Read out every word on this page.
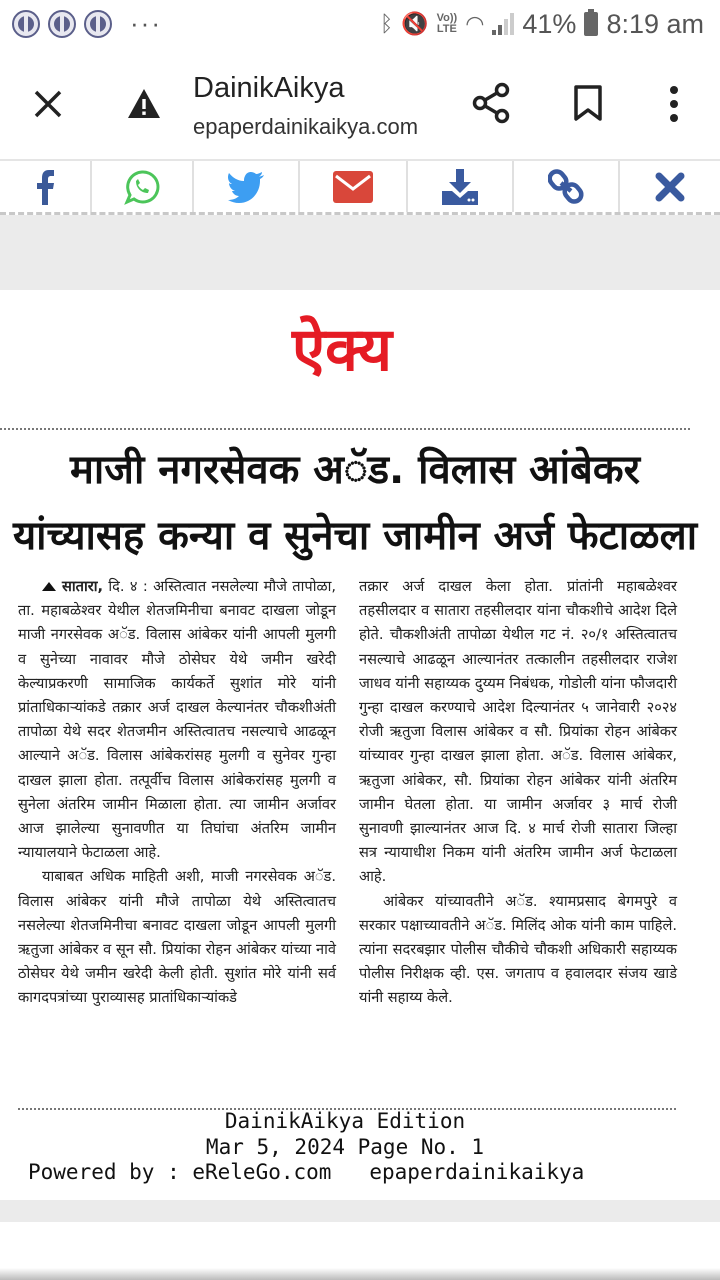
···	ᛒ 🔇 Vo))
LTE ◠ 41% 8:19 am
DainikAikya
epaperdainikaikya.com
ऐक्य
माजी नगरसेवक अॅड. विलास आंबेकर
यांच्यासह कन्या व सुनेचा जामीन अर्ज फेटाळला

सातारा, दि. ४ : अस्तित्वात नसलेल्या मौजे तापोळा, ता. महाबळेश्वर येथील शेतजमिनीचा बनावट दाखला जोडून माजी नगरसेवक अॅड. विलास आंबेकर यांनी आपली मुलगी व सुनेच्या नावावर मौजे ठोसेघर येथे जमीन खरेदी केल्याप्रकरणी सामाजिक कार्यकर्ते सुशांत मोरे यांनी प्रांताधिकाऱ्यांकडे तक्रार अर्ज दाखल केल्यानंतर चौकशीअंती तापोळा येथे सदर शेतजमीन अस्तित्वातच नसल्याचे आढळून आल्याने अॅड. विलास आंबेकरांसह मुलगी व सुनेवर गुन्हा दाखल झाला होता. तत्पूर्वीच विलास आंबेकरांसह मुलगी व सुनेला अंतरिम जामीन मिळाला होता. त्या जामीन अर्जावर आज झालेल्या सुनावणीत या तिघांचा अंतरिम जामीन न्यायालयाने फेटाळला आहे.

याबाबत अधिक माहिती अशी, माजी नगरसेवक अॅड. विलास आंबेकर यांनी मौजे तापोळा येथे अस्तित्वातच नसलेल्या शेतजमिनीचा बनावट दाखला जोडून आपली मुलगी ऋतुजा आंबेकर व सून सौ. प्रियांका रोहन आंबेकर यांच्या नावे ठोसेघर येथे जमीन खरेदी केली होती. सुशांत मोरे यांनी सर्व कागदपत्रांच्या पुराव्यासह प्रातांधिकाऱ्यांकडे

तक्रार अर्ज दाखल केला होता. प्रांतांनी महाबळेश्वर तहसीलदार व सातारा तहसीलदार यांना चौकशीचे आदेश दिले होते. चौकशीअंती तापोळा येथील गट नं. २०/१ अस्तित्वातच नसल्याचे आढळून आल्यानंतर तत्कालीन तहसीलदार राजेश जाधव यांनी सहाय्यक दुय्यम निबंधक, गोडोली यांना फौजदारी गुन्हा दाखल करण्याचे आदेश दिल्यानंतर ५ जानेवारी २०२४ रोजी ऋतुजा विलास आंबेकर व सौ. प्रियांका रोहन आंबेकर यांच्यावर गुन्हा दाखल झाला होता. अॅड. विलास आंबेकर, ऋतुजा आंबेकर, सौ. प्रियांका रोहन आंबेकर यांनी अंतरिम जामीन घेतला होता. या जामीन अर्जावर ३ मार्च रोजी सुनावणी झाल्यानंतर आज दि. ४ मार्च रोजी सातारा जिल्हा सत्र न्यायाधीश निकम यांनी अंतरिम जामीन अर्ज फेटाळला आहे.

आंबेकर यांच्यावतीने अॅड. श्यामप्रसाद बेगमपुरे व सरकार पक्षाच्यावतीने अॅड. मिलिंद ओक यांनी काम पाहिले. त्यांना सदरबझार पोलीस चौकीचे चौकशी अधिकारी सहाय्यक पोलीस निरीक्षक व्ही. एस. जगताप व हवालदार संजय खाडे यांनी सहाय्य केले.

DainikAikya Edition
Mar 5, 2024 Page No. 1
Powered by : eReleGo.com epaperdainikaikya
